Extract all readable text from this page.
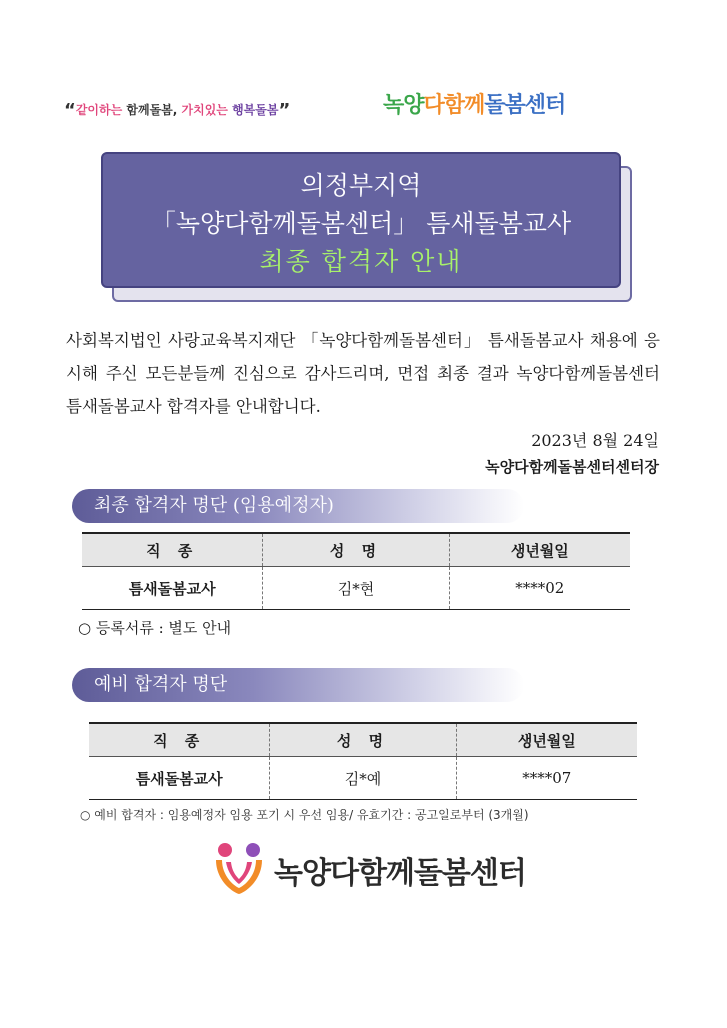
“같이하는 함께돌봄, 가치있는 행복돌봄”	녹양다함께돌봄센터
의정부지역
「녹양다함께돌봄센터」 틈새돌봄교사
최종 합격자 안내
사회복지법인 사랑교육복지재단 「녹양다함께돌봄센터」 틈새돌봄교사 채용에 응시해 주신 모든분들께 진심으로 감사드리며, 면접 최종 결과 녹양다함께돌봄센터 틈새돌봄교사 합격자를 안내합니다.
2023년 8월 24일
녹양다함께돌봄센터센터장
최종 합격자 명단 (임용예정자)
직 종	성 명	생년월일
틈새돌봄교사	김*현	****02
○ 등록서류 : 별도 안내
예비 합격자 명단
직 종	성 명	생년월일
틈새돌봄교사	김*예	****07
○ 예비 합격자 : 임용예정자 임용 포기 시 우선 임용/ 유효기간 : 공고일로부터 (3개월)
녹양다함께돌봄센터
